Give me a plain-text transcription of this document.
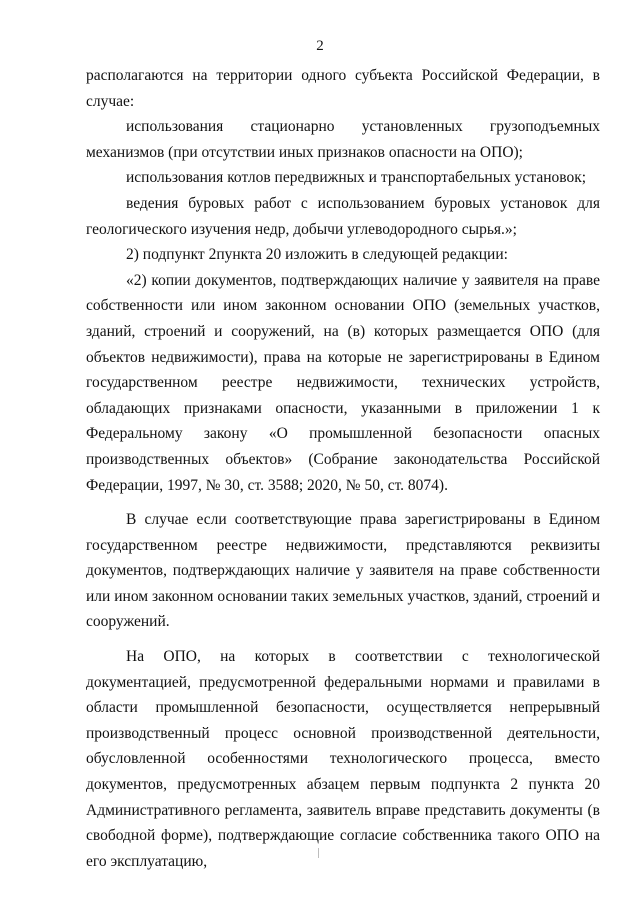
2

располагаются на территории одного субъекта Российской Федерации, в случае:

использования стационарно установленных грузоподъемных механизмов (при отсутствии иных признаков опасности на ОПО);

использования котлов передвижных и транспортабельных установок;

ведения буровых работ с использованием буровых установок для геологического изучения недр, добычи углеводородного сырья.»;

2) подпункт 2пункта 20 изложить в следующей редакции:

«2) копии документов, подтверждающих наличие у заявителя на праве собственности или ином законном основании ОПО (земельных участков, зданий, строений и сооружений, на (в) которых размещается ОПО (для объектов недвижимости), права на которые не зарегистрированы в Едином государственном реестре недвижимости, технических устройств, обладающих признаками опасности, указанными в приложении 1 к Федеральному закону «О промышленной безопасности опасных производственных объектов» (Собрание законодательства Российской Федерации, 1997, № 30, ст. 3588; 2020, № 50, ст. 8074).

В случае если соответствующие права зарегистрированы в Едином государственном реестре недвижимости, представляются реквизиты документов, подтверждающих наличие у заявителя на праве собственности или ином законном основании таких земельных участков, зданий, строений и сооружений.

На ОПО, на которых в соответствии с технологической документацией, предусмотренной федеральными нормами и правилами в области промышленной безопасности, осуществляется непрерывный производственный процесс основной производственной деятельности, обусловленной особенностями технологического процесса, вместо документов, предусмотренных абзацем первым подпункта 2 пункта 20 Административного регламента, заявитель вправе представить документы (в свободной форме), подтверждающие согласие собственника такого ОПО на его эксплуатацию,
